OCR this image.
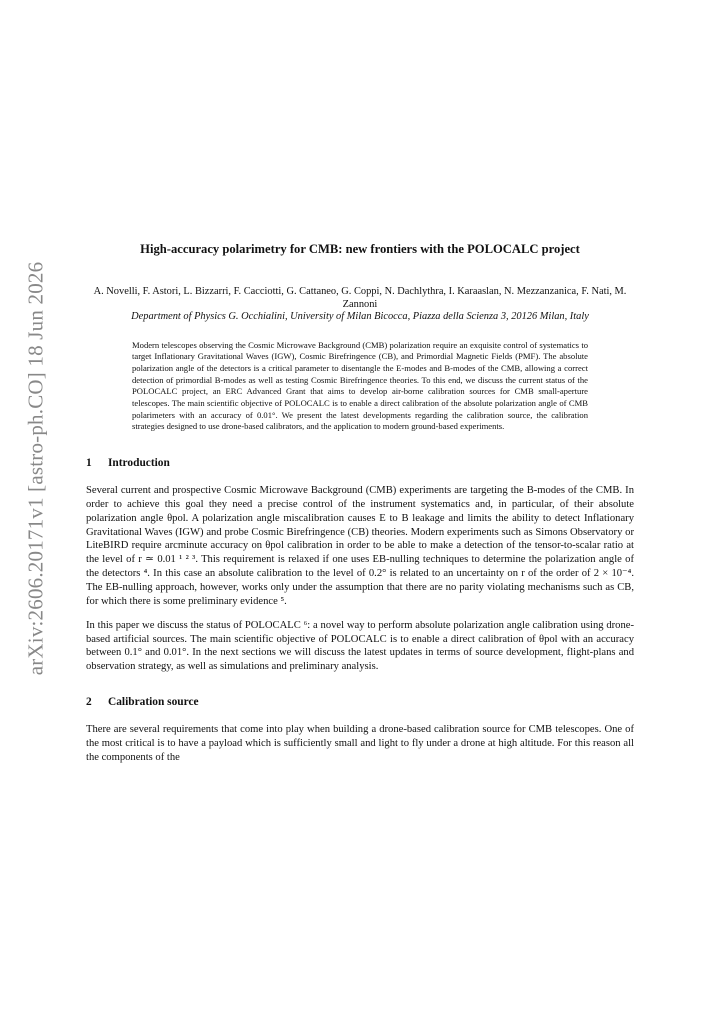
arXiv:2606.20171v1 [astro-ph.CO] 18 Jun 2026
High-accuracy polarimetry for CMB: new frontiers with the POLOCALC project
A. Novelli, F. Astori, L. Bizzarri, F. Cacciotti, G. Cattaneo, G. Coppi, N. Dachlythra, I. Karaaslan, N. Mezzanzanica, F. Nati, M. Zannoni
Department of Physics G. Occhialini, University of Milan Bicocca, Piazza della Scienza 3, 20126 Milan, Italy
Modern telescopes observing the Cosmic Microwave Background (CMB) polarization require an exquisite control of systematics to target Inflationary Gravitational Waves (IGW), Cosmic Birefringence (CB), and Primordial Magnetic Fields (PMF). The absolute polarization angle of the detectors is a critical parameter to disentangle the E-modes and B-modes of the CMB, allowing a correct detection of primordial B-modes as well as testing Cosmic Birefringence theories. To this end, we discuss the current status of the POLOCALC project, an ERC Advanced Grant that aims to develop air-borne calibration sources for CMB small-aperture telescopes. The main scientific objective of POLOCALC is to enable a direct calibration of the absolute polarization angle of CMB polarimeters with an accuracy of 0.01°. We present the latest developments regarding the calibration source, the calibration strategies designed to use drone-based calibrators, and the application to modern ground-based experiments.
1 Introduction

Several current and prospective Cosmic Microwave Background (CMB) experiments are targeting the B-modes of the CMB. In order to achieve this goal they need a precise control of the instrument systematics and, in particular, of their absolute polarization angle θpol. A polarization angle miscalibration causes E to B leakage and limits the ability to detect Inflationary Gravitational Waves (IGW) and probe Cosmic Birefringence (CB) theories. Modern experiments such as Simons Observatory or LiteBIRD require arcminute accuracy on θpol calibration in order to be able to make a detection of the tensor-to-scalar ratio at the level of r ≃ 0.01 ¹ ² ³. This requirement is relaxed if one uses EB-nulling techniques to determine the polarization angle of the detectors ⁴. In this case an absolute calibration to the level of 0.2° is related to an uncertainty on r of the order of 2 × 10⁻⁴. The EB-nulling approach, however, works only under the assumption that there are no parity violating mechanisms such as CB, for which there is some preliminary evidence ⁵.

In this paper we discuss the status of POLOCALC ⁶: a novel way to perform absolute polarization angle calibration using drone-based artificial sources. The main scientific objective of POLOCALC is to enable a direct calibration of θpol with an accuracy between 0.1° and 0.01°. In the next sections we will discuss the latest updates in terms of source development, flight-plans and observation strategy, as well as simulations and preliminary analysis.

2 Calibration source

There are several requirements that come into play when building a drone-based calibration source for CMB telescopes. One of the most critical is to have a payload which is sufficiently small and light to fly under a drone at high altitude. For this reason all the components of the
